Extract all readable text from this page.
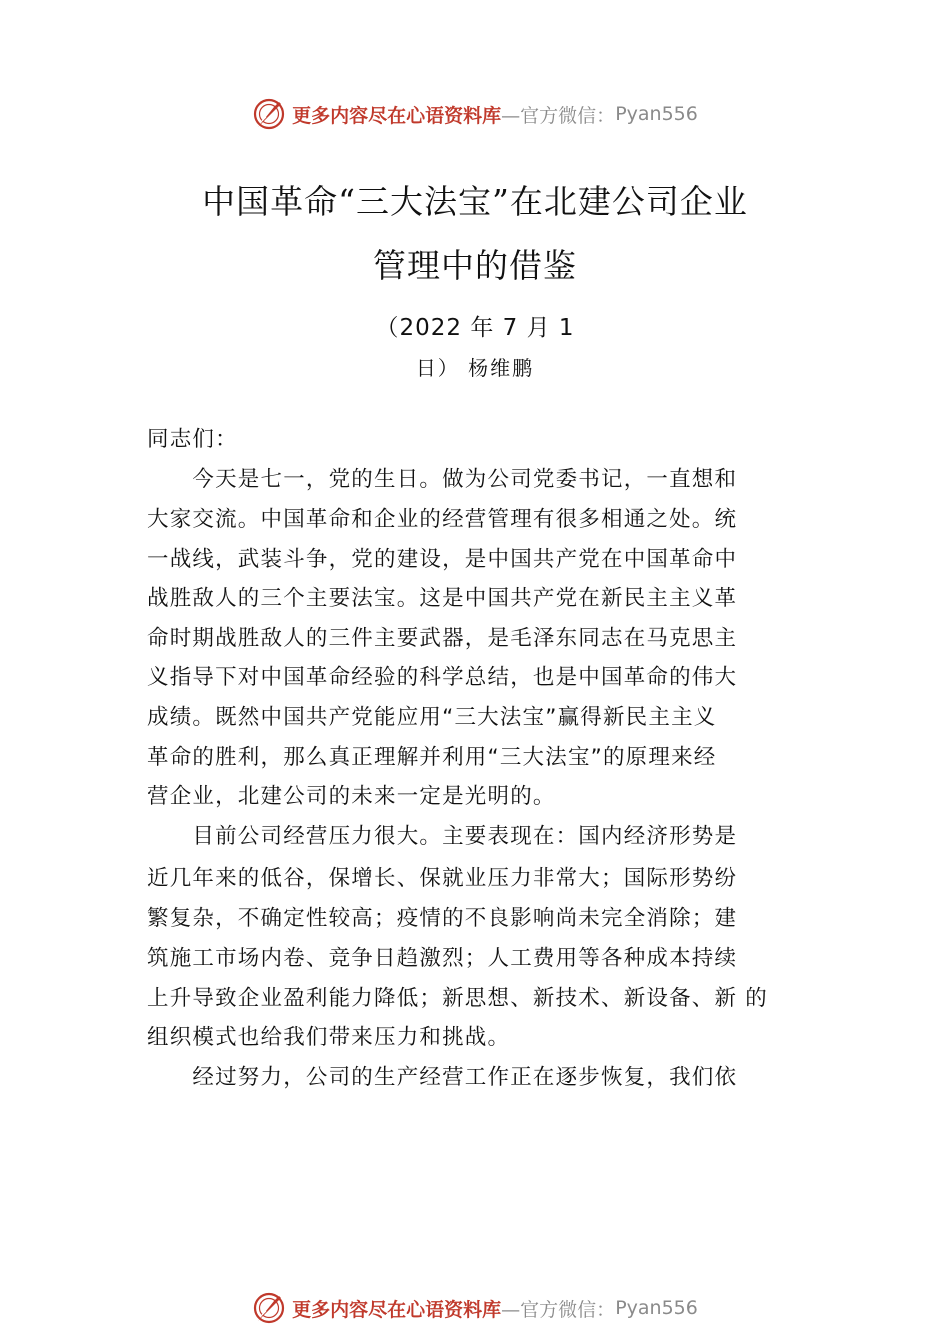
更多内容尽在心语资料库 —官方微信： Pyan556
中国革命“三大法宝”在北建公司企业
管理中的借鉴
（2022 年 7 月 1
日） 杨维鹏
同志们：
　　今天是七一，党的生日。做为公司党委书记，一直想和
大家交流。中国革命和企业的经营管理有很多相通之处。统
一战线，武装斗争，党的建设，是中国共产党在中国革命中
战胜敌人的三个主要法宝。这是中国共产党在新民主主义革
命时期战胜敌人的三件主要武器，是毛泽东同志在马克思主
义指导下对中国革命经验的科学总结，也是中国革命的伟大
成绩。既然中国共产党能应用“三大法宝”赢得新民主主义
革命的胜利，那么真正理解并利用“三大法宝”的原理来经
营企业，北建公司的未来一定是光明的。
　　目前公司经营压力很大。主要表现在：国内经济形势是
近几年来的低谷，保增长、保就业压力非常大；国际形势纷
繁复杂，不确定性较高；疫情的不良影响尚未完全消除；建
筑施工市场内卷、竞争日趋激烈；人工费用等各种成本持续
上升导致企业盈利能力降低；新思想、新技术、新设备、新 的
组织模式也给我们带来压力和挑战。
　　经过努力，公司的生产经营工作正在逐步恢复，我们依
更多内容尽在心语资料库 —官方微信： Pyan556
